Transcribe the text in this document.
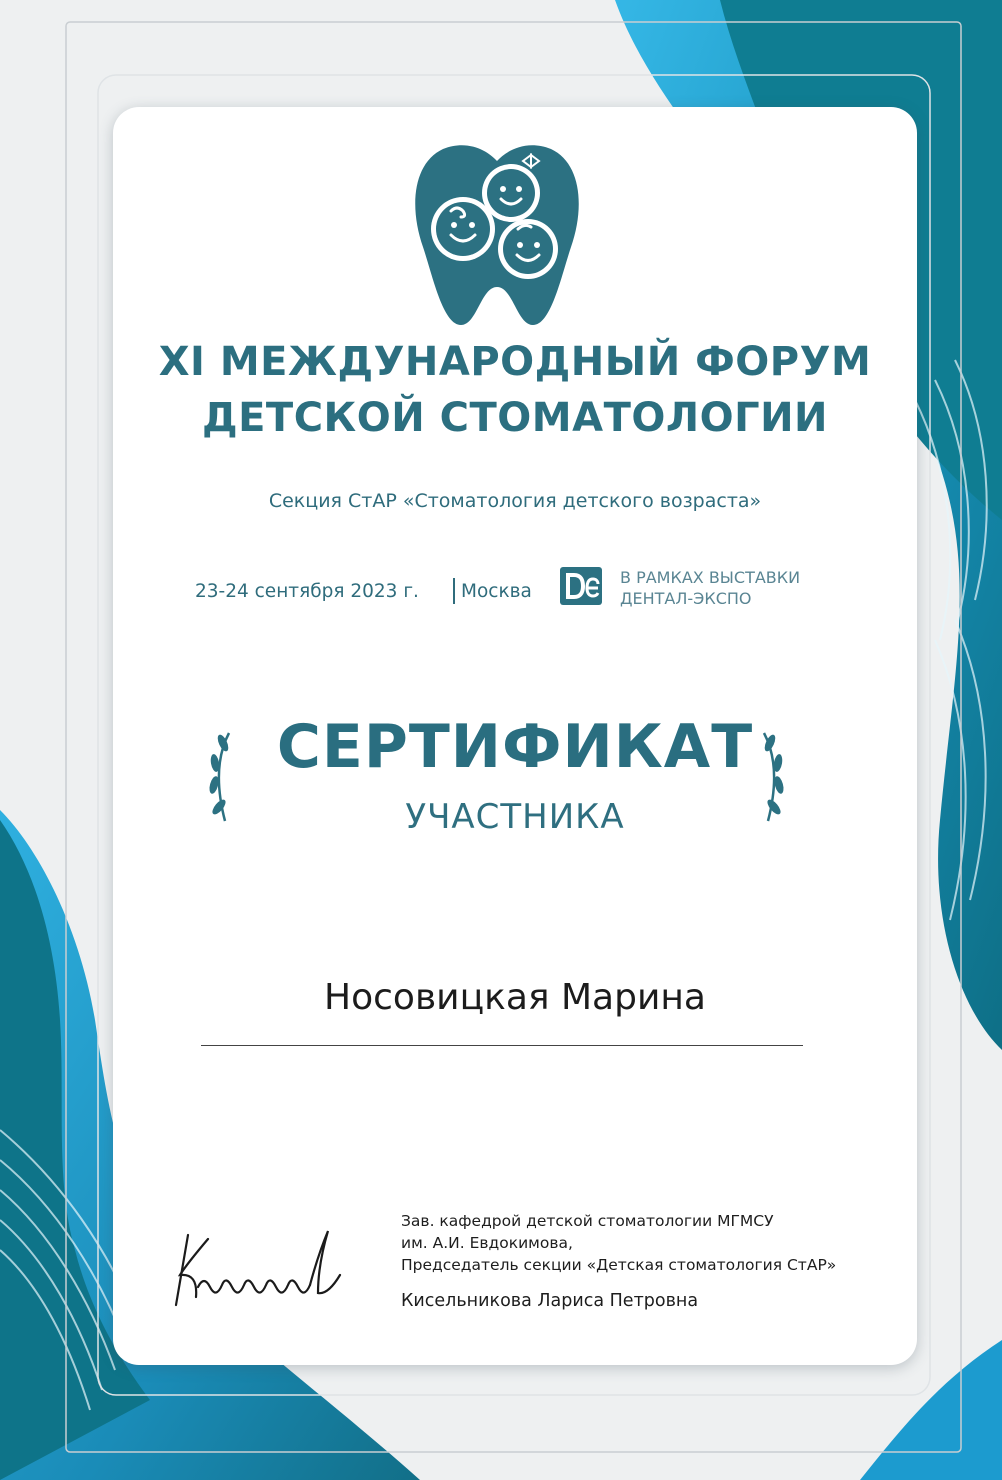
XI МЕЖДУНАРОДНЫЙ ФОРУМ
ДЕТСКОЙ СТОМАТОЛОГИИ
Секция СтАР «Стоматология детского возраста»
23-24 сентября 2023 г. Москва
В РАМКАХ ВЫСТАВКИ
ДЕНТАЛ-ЭКСПО
СЕРТИФИКАТ
УЧАСТНИКА
Носовицкая Марина
Зав. кафедрой детской стоматологии МГМСУ
им. А.И. Евдокимова,
Председатель секции «Детская стоматология СтАР»
Кисельникова Лариса Петровна
